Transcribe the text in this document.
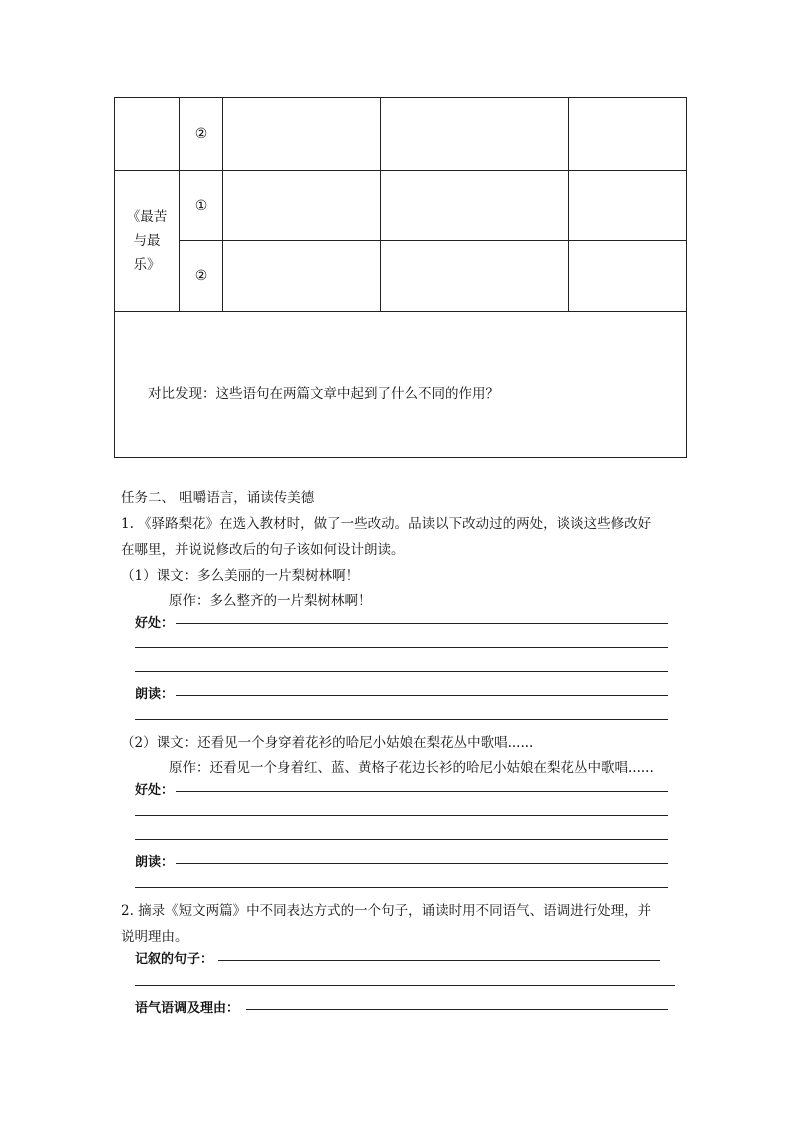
	②			

《最苦与最乐》	①			
	②			

对比发现：这些语句在两篇文章中起到了什么不同的作用？				
任务二、 咀嚼语言，诵读传美德
1. 《驿路梨花》在选入教材时，做了一些改动。品读以下改动过的两处，谈谈这些修改好
在哪里，并说说修改后的句子该如何设计朗读。
（1）课文：多么美丽的一片梨树林啊！
原作：多么整齐的一片梨树林啊！
好处：
朗读：
（2）课文：还看见一个身穿着花衫的哈尼小姑娘在梨花丛中歌唱......
原作：还看见一个身着红、蓝、黄格子花边长衫的哈尼小姑娘在梨花丛中歌唱......
好处：
朗读：
2. 摘录《短文两篇》中不同表达方式的一个句子，诵读时用不同语气、语调进行处理，并
说明理由。
记叙的句子：
语气语调及理由：
